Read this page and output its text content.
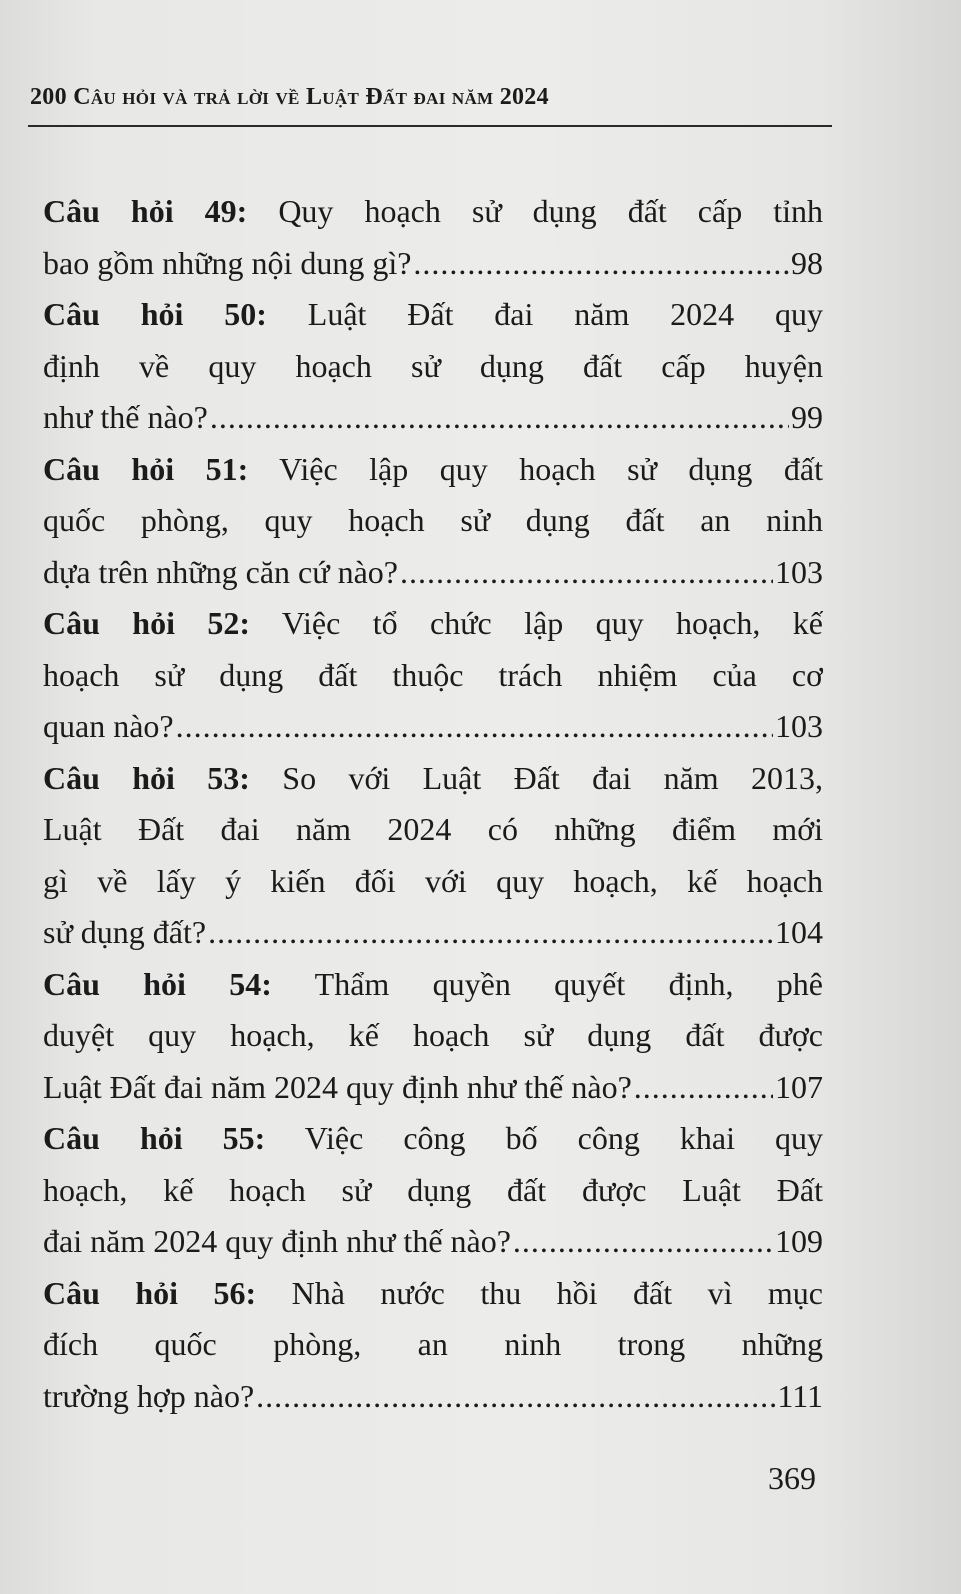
200 Câu hỏi và trả lời về Luật Đất đai năm 2024
Câu hỏi 49: Quy hoạch sử dụng đất cấp tỉnh
bao gồm những nội dung gì? .....	98
Câu hỏi 50: Luật Đất đai năm 2024 quy
định về quy hoạch sử dụng đất cấp huyện
như thế nào? .....	99
Câu hỏi 51: Việc lập quy hoạch sử dụng đất
quốc phòng, quy hoạch sử dụng đất an ninh
dựa trên những căn cứ nào? .....	103
Câu hỏi 52: Việc tổ chức lập quy hoạch, kế
hoạch sử dụng đất thuộc trách nhiệm của cơ
quan nào? .....	103
Câu hỏi 53: So với Luật Đất đai năm 2013,
Luật Đất đai năm 2024 có những điểm mới
gì về lấy ý kiến đối với quy hoạch, kế hoạch
sử dụng đất? .....	104
Câu hỏi 54: Thẩm quyền quyết định, phê
duyệt quy hoạch, kế hoạch sử dụng đất được
Luật Đất đai năm 2024 quy định như thế nào? .....	107
Câu hỏi 55: Việc công bố công khai quy
hoạch, kế hoạch sử dụng đất được Luật Đất
đai năm 2024 quy định như thế nào? .....	109
Câu hỏi 56: Nhà nước thu hồi đất vì mục
đích quốc phòng, an ninh trong những
trường hợp nào? .....	111
369
